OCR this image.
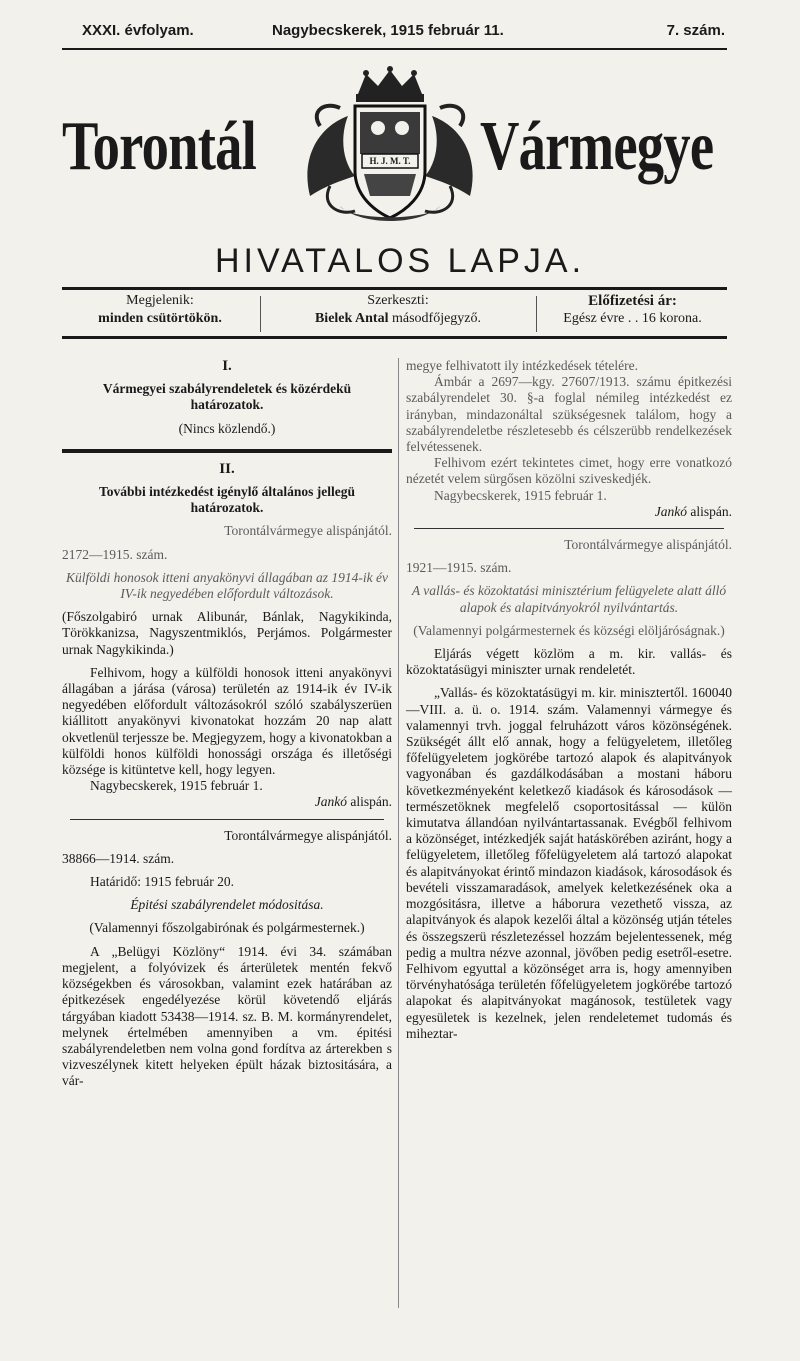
XXXI. évfolyam.	Nagybecskerek, 1915 február 11.	7. szám.
Torontál	Vármegye
H. J. M. T.
HIVATALOS LAPJA.
Megjelenik:
minden csütörtökön.
Szerkeszti:
Bielek Antal másodfőjegyző.
Előfizetési ár:
Egész évre . . 16 korona.

I.

Vármegyei szabályrendeletek és közérdekü határozatok.

(Nincs közlendő.)

II.

További intézkedést igénylő általános jellegü határozatok.

Torontálvármegye alispánjától.

2172—1915. szám.

Külföldi honosok itteni anyakönyvi állagában az 1914-ik év IV-ik negyedében előfordult változások.

(Főszolgabiró urnak Alibunár, Bánlak, Nagykikinda, Törökkanizsa, Nagyszentmiklós, Perjámos. Polgármester urnak Nagykikinda.)

Felhivom, hogy a külföldi honosok itteni anyakönyvi állagában a járása (városa) területén az 1914-ik év IV-ik negyedében előfordult változásokról szóló szabályszerüen kiállitott anyakönyvi kivonatokat hozzám 20 nap alatt okvetlenül terjessze be. Megjegyzem, hogy a kivonatokban a külföldi honos külföldi honossági országa és illetőségi községe is kitüntetve kell, hogy legyen.

Nagybecskerek, 1915 február 1.

Jankó alispán.

Torontálvármegye alispánjától.

38866—1914. szám.

Határidő: 1915 február 20.

Épitési szabályrendelet módositása.

(Valamennyi főszolgabirónak és polgármesternek.)

A „Belügyi Közlöny“ 1914. évi 34. számában megjelent, a folyóvizek és árterületek mentén fekvő községekben és városokban, valamint ezek határában az épitkezések engedélyezése körül követendő eljárás tárgyában kiadott 53438—1914. sz. B. M. kormányrendelet, melynek értelmében amennyiben a vm. épitési szabályrendeletben nem volna gond fordítva az árterekben s vizveszélynek kitett helyeken épült házak biztositására, a vár-

megye felhivatott ily intézkedések tételére.

Ámbár a 2697—kgy. 27607/1913. számu épitkezési szabályrendelet 30. §-a foglal némileg intézkedést ez irányban, mindazonáltal szükségesnek találom, hogy a szabályrendeletbe részletesebb és célszerübb rendelkezések felvétessenek.

Felhivom ezért tekintetes cimet, hogy erre vonatkozó nézetét velem sürgősen közölni sziveskedjék.

Nagybecskerek, 1915 február 1.

Jankó alispán.

Torontálvármegye alispánjától.

1921—1915. szám.

A vallás- és közoktatási minisztérium felügyelete alatt álló alapok és alapitványokról nyilvántartás.

(Valamennyi polgármesternek és községi elöljáróságnak.)

Eljárás végett közlöm a m. kir. vallás- és közoktatásügyi miniszter urnak rendeletét.

„Vallás- és közoktatásügyi m. kir. minisztertől. 160040—VIII. a. ü. o. 1914. szám. Valamennyi vármegye és valamennyi trvh. joggal felruházott város közönségének. Szükségét állt elő annak, hogy a felügyeletem, illetőleg főfelügyeletem jogkörébe tartozó alapok és alapitványok vagyonában és gazdálkodásában a mostani háboru következményeként keletkező kiadások és károsodások — természetöknek megfelelő csoportositással — külön kimutatva állandóan nyilvántartassanak. Evégből felhivom a közönséget, intézkedjék saját hatáskörében aziránt, hogy a felügyeletem, illetőleg főfelügyeletem alá tartozó alapokat és alapitványokat érintő mindazon kiadások, károsodások és bevételi visszamaradások, amelyek keletkezésének oka a mozgósitásra, illetve a háborura vezethető vissza, az alapitványok és alapok kezelői által a közönség utján tételes és összegszerü részletezéssel hozzám bejelentessenek, még pedig a multra nézve azonnal, jövőben pedig esetről-esetre. Felhivom egyuttal a közönséget arra is, hogy amennyiben törvényhatósága területén főfelügyeletem jogkörébe tartozó alapokat és alapitványokat magánosok, testületek vagy egyesületek is kezelnek, jelen rendeletemet tudomás és miheztar-
